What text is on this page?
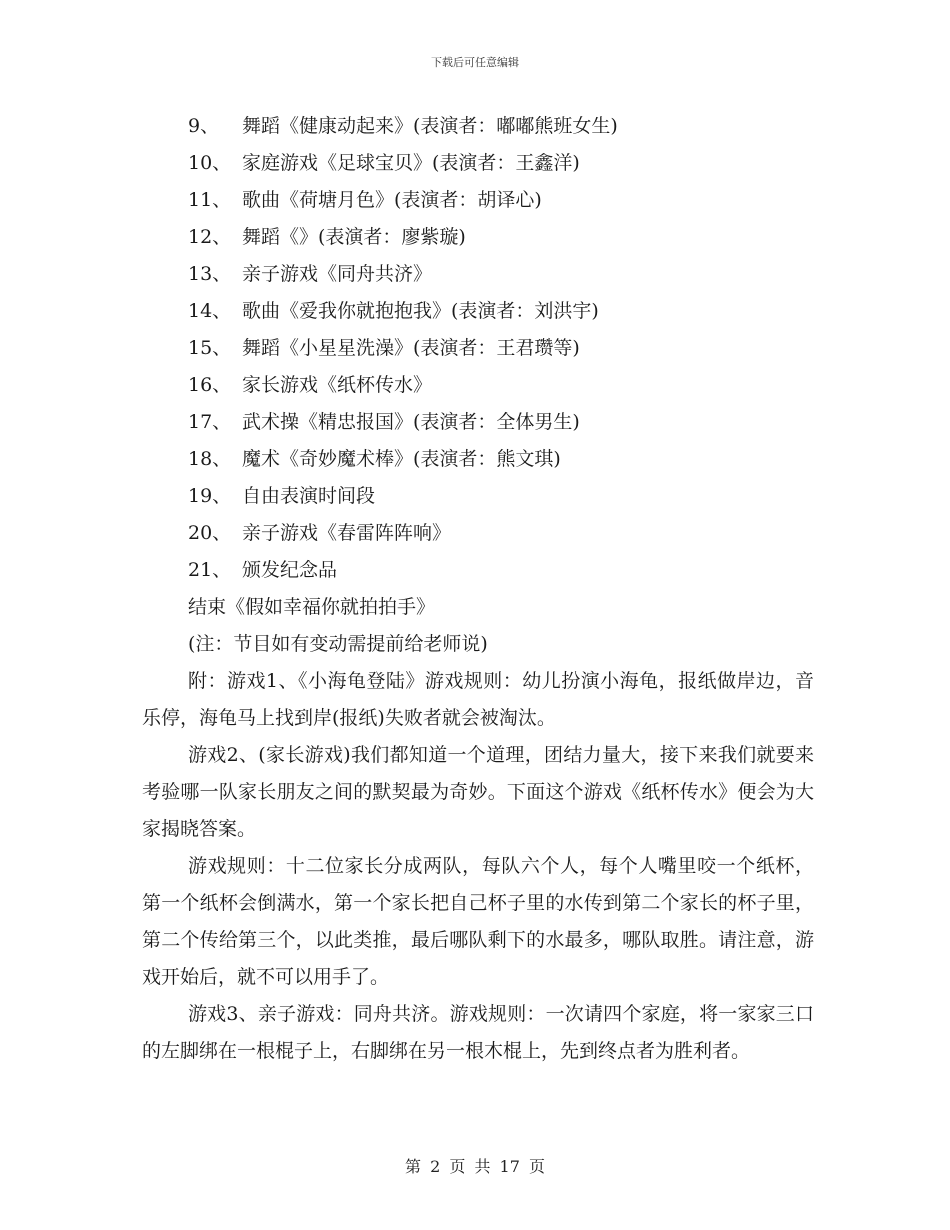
下载后可任意编辑
9、 舞蹈《健康动起来》(表演者：嘟嘟熊班女生)
10、 家庭游戏《足球宝贝》(表演者：王鑫洋)
11、 歌曲《荷塘月色》(表演者：胡译心)
12、 舞蹈《》(表演者：廖紫璇)
13、 亲子游戏《同舟共济》
14、 歌曲《爱我你就抱抱我》(表演者：刘洪宇)
15、 舞蹈《小星星洗澡》(表演者：王君瓒等)
16、 家长游戏《纸杯传水》
17、 武术操《精忠报国》(表演者：全体男生)
18、 魔术《奇妙魔术棒》(表演者：熊文琪)
19、 自由表演时间段
20、 亲子游戏《春雷阵阵响》
21、 颁发纪念品
结束《假如幸福你就拍拍手》
(注：节目如有变动需提前给老师说)

附：游戏1、《小海龟登陆》游戏规则：幼儿扮演小海龟，报纸做岸边，音乐停，海龟马上找到岸(报纸)失败者就会被淘汰。

游戏2、(家长游戏)我们都知道一个道理，团结力量大，接下来我们就要来考验哪一队家长朋友之间的默契最为奇妙。下面这个游戏《纸杯传水》便会为大家揭晓答案。

游戏规则：十二位家长分成两队，每队六个人，每个人嘴里咬一个纸杯，第一个纸杯会倒满水，第一个家长把自己杯子里的水传到第二个家长的杯子里，第二个传给第三个，以此类推，最后哪队剩下的水最多，哪队取胜。请注意，游戏开始后，就不可以用手了。

游戏3、亲子游戏：同舟共济。游戏规则：一次请四个家庭，将一家家三口的左脚绑在一根棍子上，右脚绑在另一根木棍上，先到终点者为胜利者。

第 2 页 共 17 页
